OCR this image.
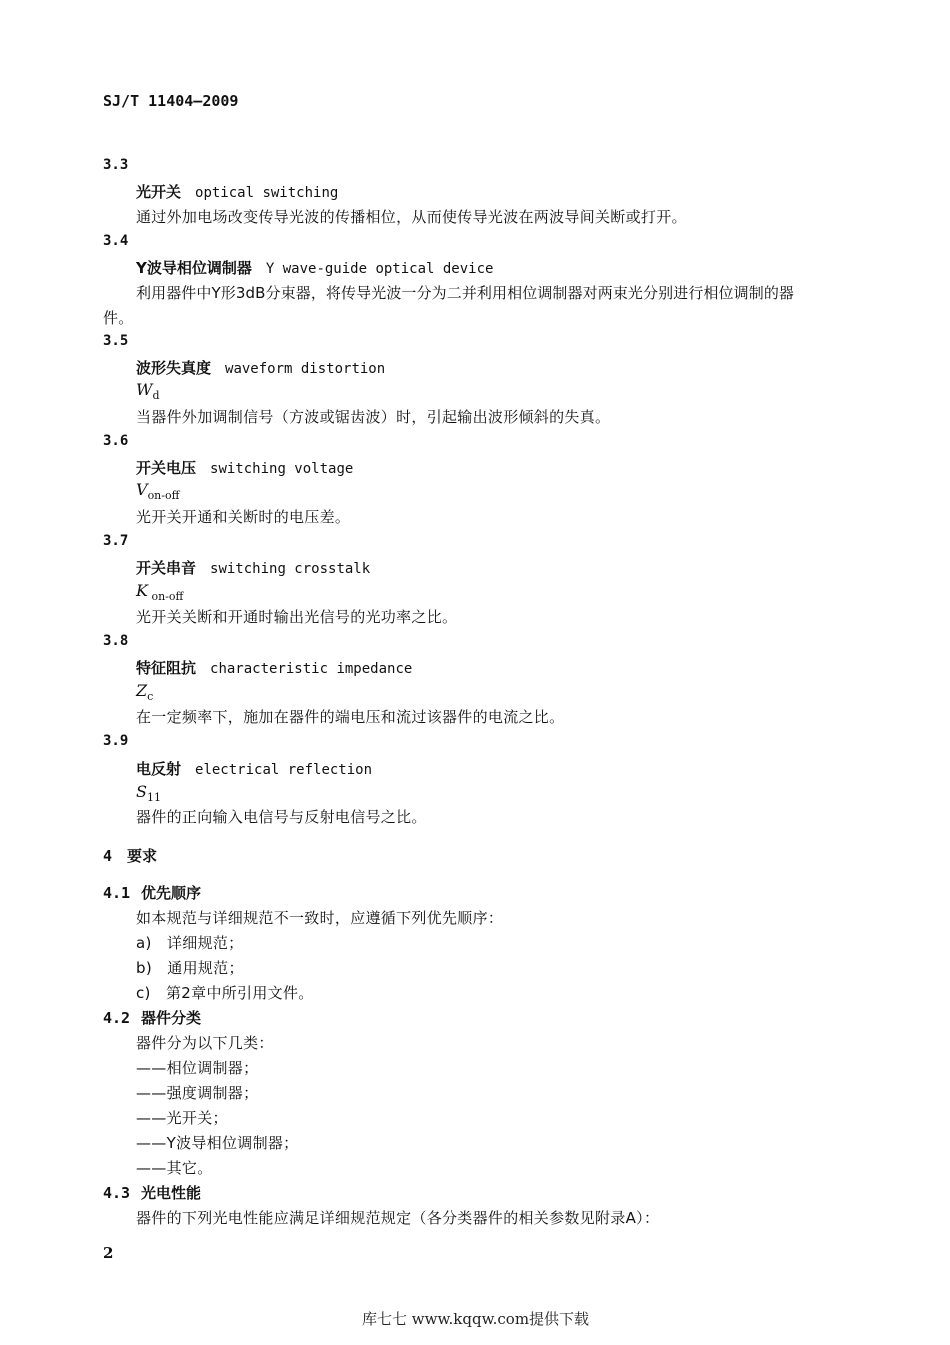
SJ/T 11404—2009
3.3
光开关 optical switching
通过外加电场改变传导光波的传播相位，从而使传导光波在两波导间关断或打开。
3.4
Y波导相位调制器 Y wave-guide optical device
利用器件中Y形3dB分束器，将传导光波一分为二并利用相位调制器对两束光分别进行相位调制的器
件。
3.5
波形失真度 waveform distortion
$W_d$
当器件外加调制信号（方波或锯齿波）时，引起输出波形倾斜的失真。
3.6
开关电压 switching voltage
$V_{on-off}$
光开关开通和关断时的电压差。
3.7
开关串音 switching crosstalk
K $_{on-off}$
光开关关断和开通时输出光信号的光功率之比。
3.8
特征阻抗 characteristic impedance
$Z_c$
在一定频率下，施加在器件的端电压和流过该器件的电流之比。
3.9
电反射 electrical reflection
$S_{11}$
器件的正向输入电信号与反射电信号之比。
4 要求
4.1 优先顺序
如本规范与详细规范不一致时，应遵循下列优先顺序：
a)　详细规范；
b)　通用规范；
c)　第2章中所引用文件。
4.2 器件分类
器件分为以下几类：
——相位调制器；
——强度调制器；
——光开关；
——Y波导相位调制器；
——其它。
4.3 光电性能
器件的下列光电性能应满足详细规范规定（各分类器件的相关参数见附录A）：
2
库七七 www.kqqw.com提供下载
